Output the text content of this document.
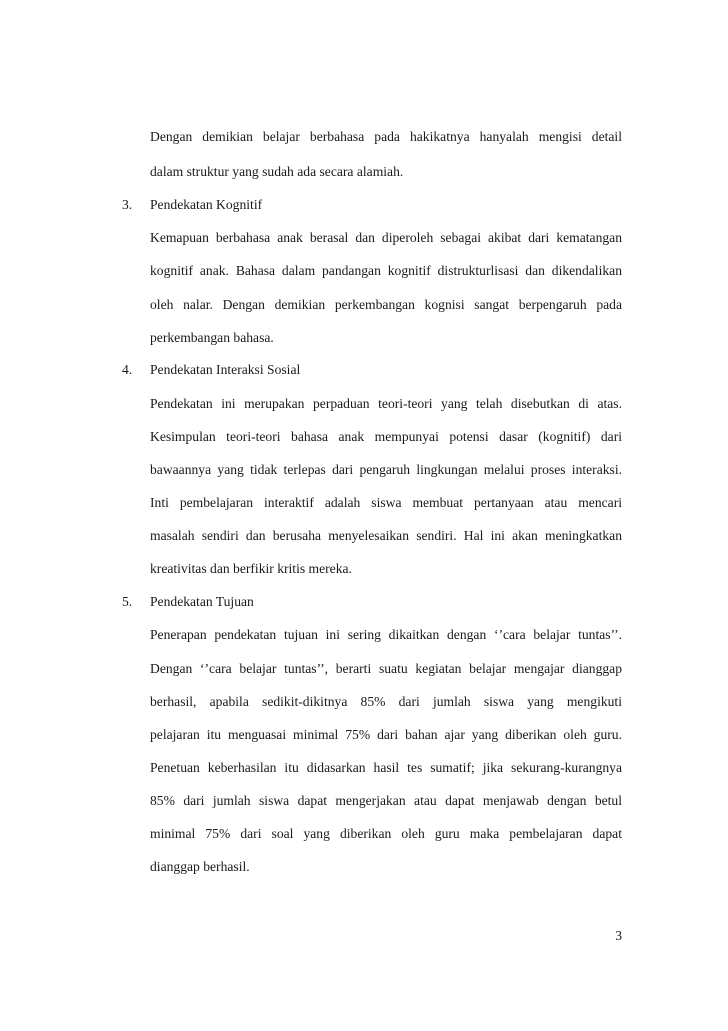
Dengan demikian belajar berbahasa pada hakikatnya hanyalah mengisi detail
dalam struktur yang sudah ada secara alamiah.
3. Pendekatan Kognitif
Kemapuan berbahasa anak berasal dan diperoleh sebagai akibat dari kematangan
kognitif anak. Bahasa dalam pandangan kognitif distrukturlisasi dan dikendalikan
oleh nalar. Dengan demikian perkembangan kognisi sangat berpengaruh pada
perkembangan bahasa.
4. Pendekatan Interaksi Sosial
Pendekatan ini merupakan perpaduan teori-teori yang telah disebutkan di atas.
Kesimpulan teori-teori bahasa anak mempunyai potensi dasar (kognitif) dari
bawaannya yang tidak terlepas dari pengaruh lingkungan melalui proses interaksi.
Inti pembelajaran interaktif adalah siswa membuat pertanyaan atau mencari
masalah sendiri dan berusaha menyelesaikan sendiri. Hal ini akan meningkatkan
kreativitas dan berfikir kritis mereka.
5. Pendekatan Tujuan
Penerapan pendekatan tujuan ini sering dikaitkan dengan ‘’cara belajar tuntas’’.
Dengan ‘’cara belajar tuntas’’, berarti suatu kegiatan belajar mengajar dianggap
berhasil, apabila sedikit-dikitnya 85% dari jumlah siswa yang mengikuti
pelajaran itu menguasai minimal 75% dari bahan ajar yang diberikan oleh guru.
Penetuan keberhasilan itu didasarkan hasil tes sumatif; jika sekurang-kurangnya
85% dari jumlah siswa dapat mengerjakan atau dapat menjawab dengan betul
minimal 75% dari soal yang diberikan oleh guru maka pembelajaran dapat
dianggap berhasil.
3
